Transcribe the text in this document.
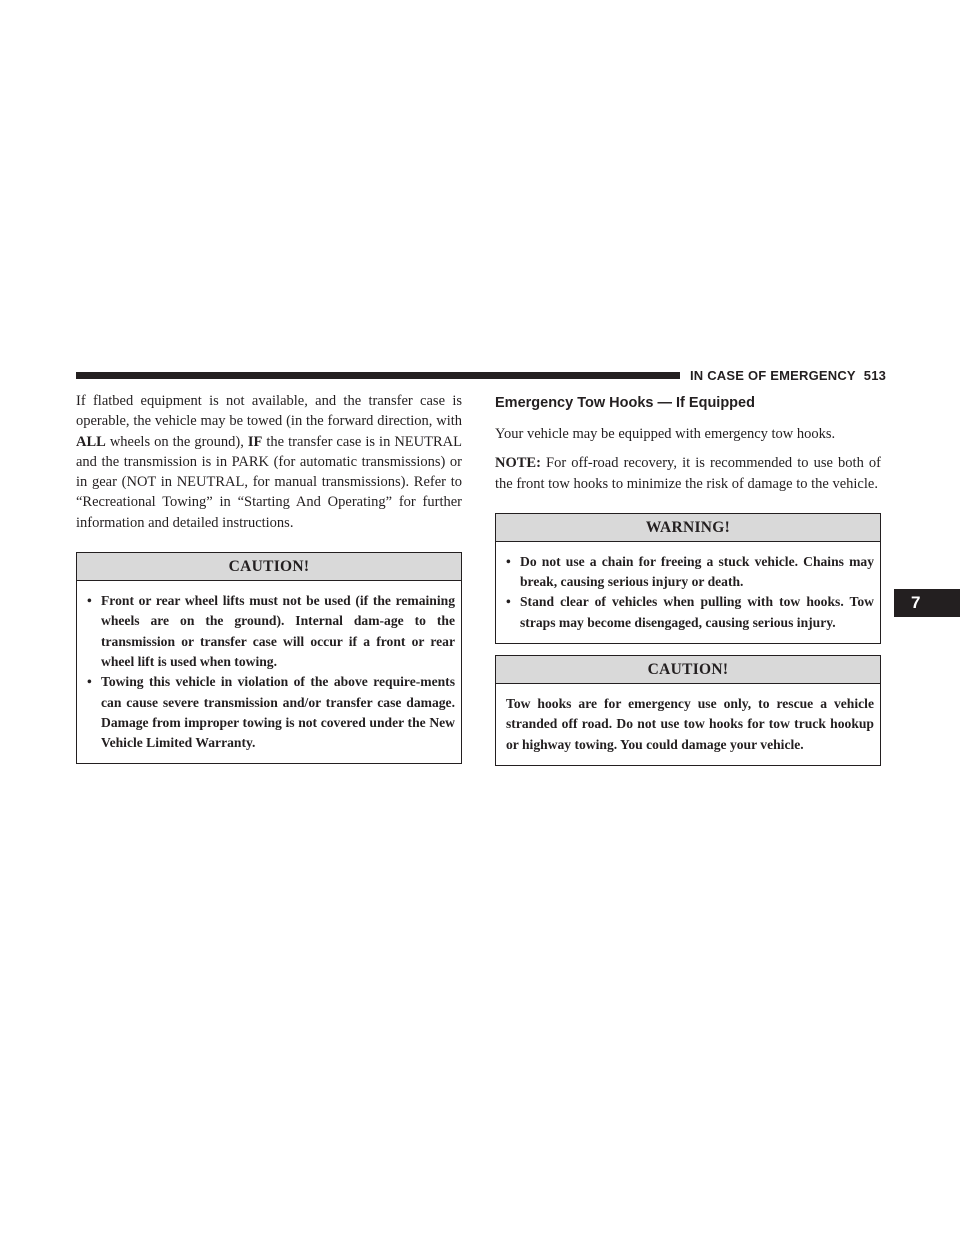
IN CASE OF EMERGENCY 513
7

If flatbed equipment is not available, and the transfer case is operable, the vehicle may be towed (in the forward direction, with ALL wheels on the ground), IF the transfer case is in NEUTRAL and the transmission is in PARK (for automatic transmissions) or in gear (NOT in NEUTRAL, for manual transmissions). Refer to “Recreational Towing” in “Starting And Operating” for further information and detailed instructions.

CAUTION!
• Front or rear wheel lifts must not be used (if the remaining wheels are on the ground). Internal dam-age to the transmission or transfer case will occur if a front or rear wheel lift is used when towing.
• Towing this vehicle in violation of the above require-ments can cause severe transmission and/or transfer case damage. Damage from improper towing is not covered under the New Vehicle Limited Warranty.
Emergency Tow Hooks — If Equipped

Your vehicle may be equipped with emergency tow hooks.

NOTE: For off-road recovery, it is recommended to use both of the front tow hooks to minimize the risk of damage to the vehicle.

WARNING!
• Do not use a chain for freeing a stuck vehicle. Chains may break, causing serious injury or death.
• Stand clear of vehicles when pulling with tow hooks. Tow straps may become disengaged, causing serious injury.
CAUTION!

Tow hooks are for emergency use only, to rescue a vehicle stranded off road. Do not use tow hooks for tow truck hookup or highway towing. You could damage your vehicle.
